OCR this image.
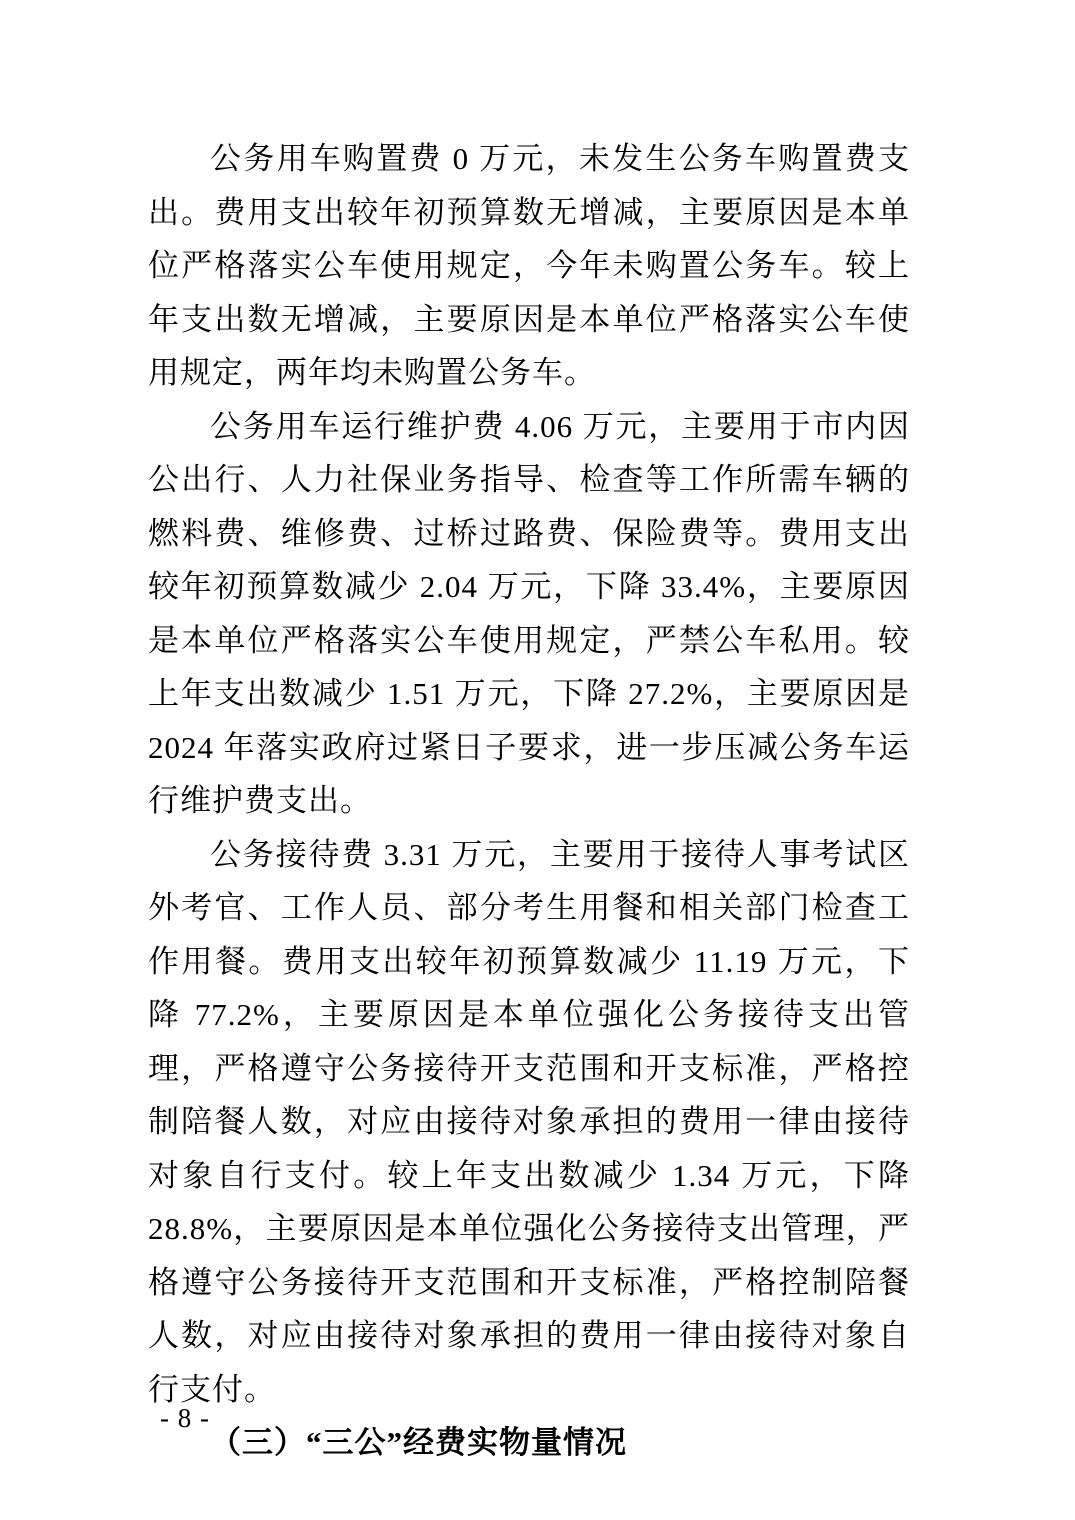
公务用车购置费 0 万元，未发生公务车购置费支出。费用支出较年初预算数无增减，主要原因是本单位严格落实公车使用规定，今年未购置公务车。较上年支出数无增减，主要原因是本单位严格落实公车使用规定，两年均未购置公务车。

公务用车运行维护费 4.06 万元，主要用于市内因公出行、人力社保业务指导、检查等工作所需车辆的燃料费、维修费、过桥过路费、保险费等。费用支出较年初预算数减少 2.04 万元，下降 33.4%，主要原因是本单位严格落实公车使用规定，严禁公车私用。较上年支出数减少 1.51 万元，下降 27.2%，主要原因是 2024 年落实政府过紧日子要求，进一步压减公务车运行维护费支出。

公务接待费 3.31 万元，主要用于接待人事考试区外考官、工作人员、部分考生用餐和相关部门检查工作用餐。费用支出较年初预算数减少 11.19 万元，下降 77.2%，主要原因是本单位强化公务接待支出管理，严格遵守公务接待开支范围和开支标准，严格控制陪餐人数，对应由接待对象承担的费用一律由接待对象自行支付。较上年支出数减少 1.34 万元，下降 28.8%，主要原因是本单位强化公务接待支出管理，严格遵守公务接待开支范围和开支标准，严格控制陪餐人数，对应由接待对象承担的费用一律由接待对象自行支付。

（三）“三公”经费实物量情况

- 8 -
